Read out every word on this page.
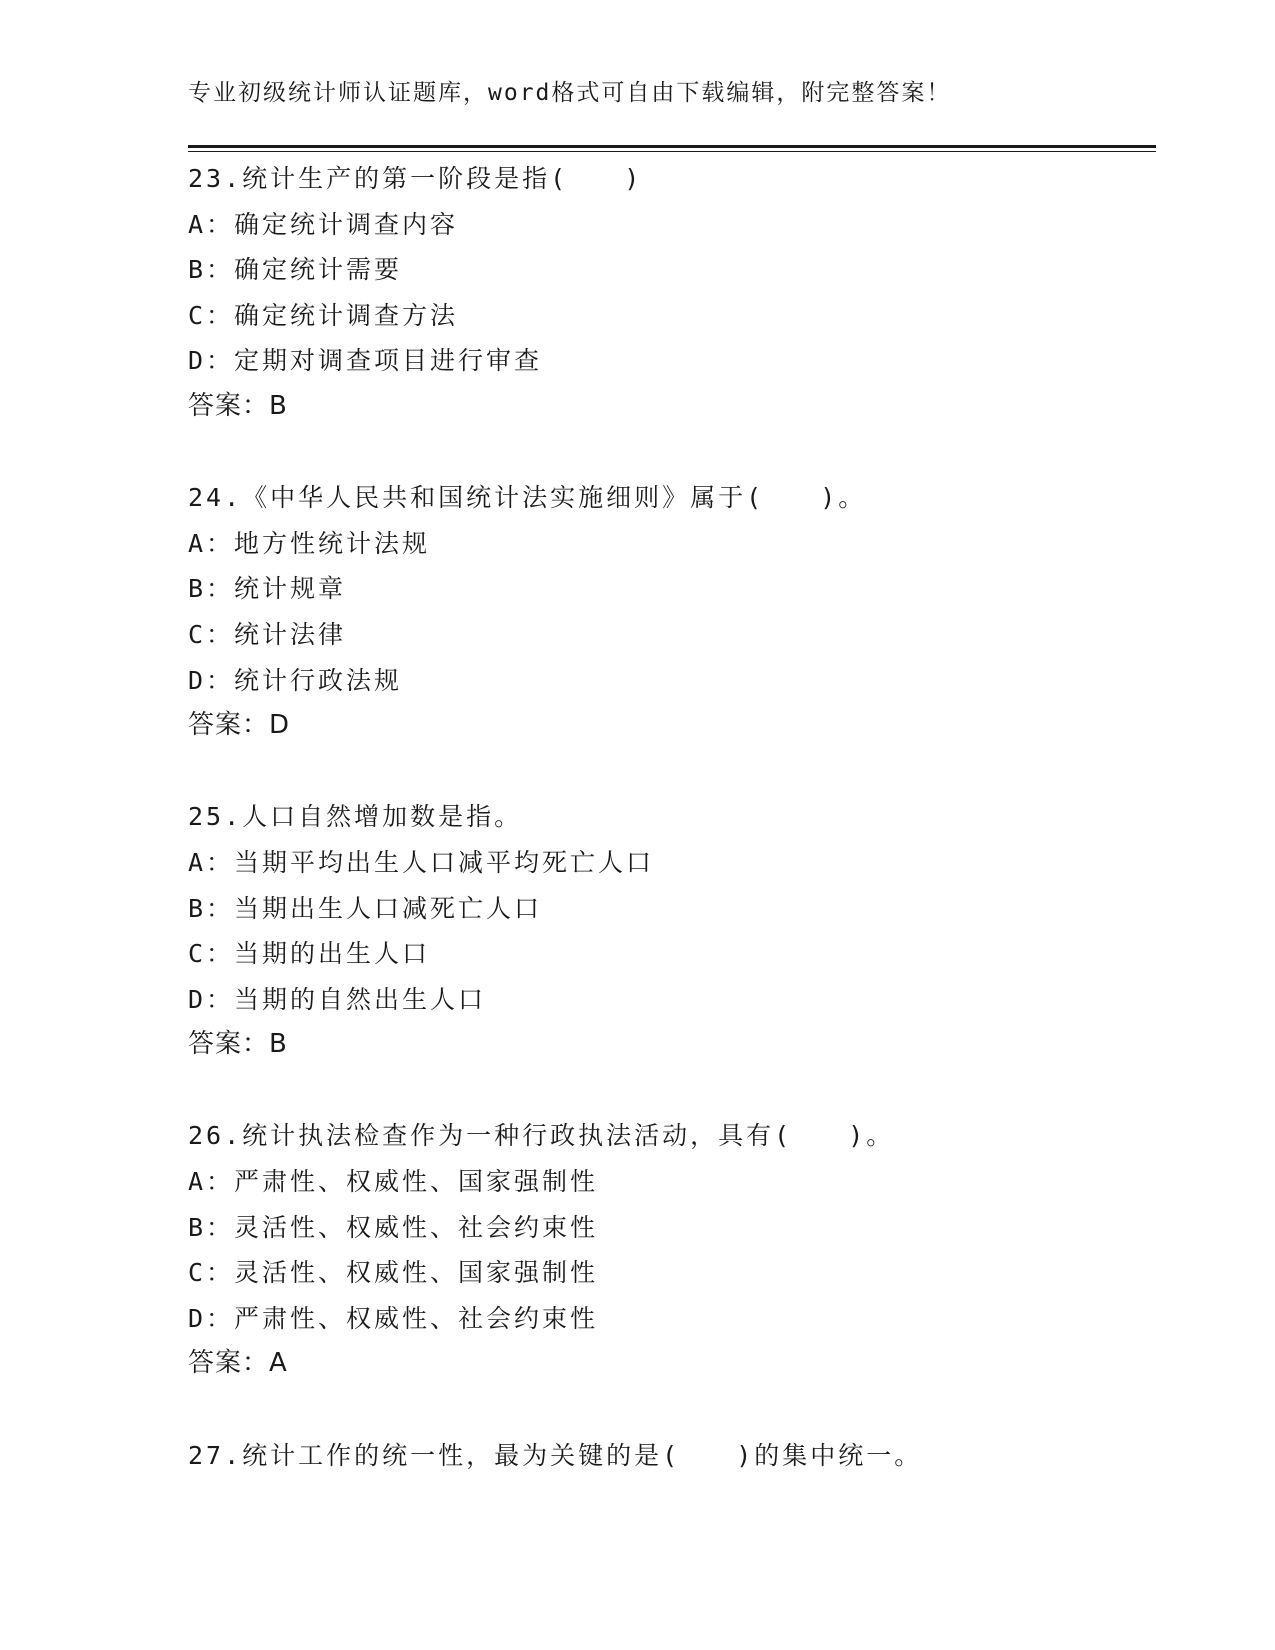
专业初级统计师认证题库，word格式可自由下载编辑，附完整答案！
23.统计生产的第一阶段是指(　　)
A：确定统计调查内容
B：确定统计需要
C：确定统计调查方法
D：定期对调查项目进行审查
答案：B
24.《中华人民共和国统计法实施细则》属于(　　)。
A：地方性统计法规
B：统计规章
C：统计法律
D：统计行政法规
答案：D
25.人口自然增加数是指。
A：当期平均出生人口减平均死亡人口
B：当期出生人口减死亡人口
C：当期的出生人口
D：当期的自然出生人口
答案：B
26.统计执法检查作为一种行政执法活动，具有(　　)。
A：严肃性、权威性、国家强制性
B：灵活性、权威性、社会约束性
C：灵活性、权威性、国家强制性
D：严肃性、权威性、社会约束性
答案：A
27.统计工作的统一性，最为关键的是(　　)的集中统一。
